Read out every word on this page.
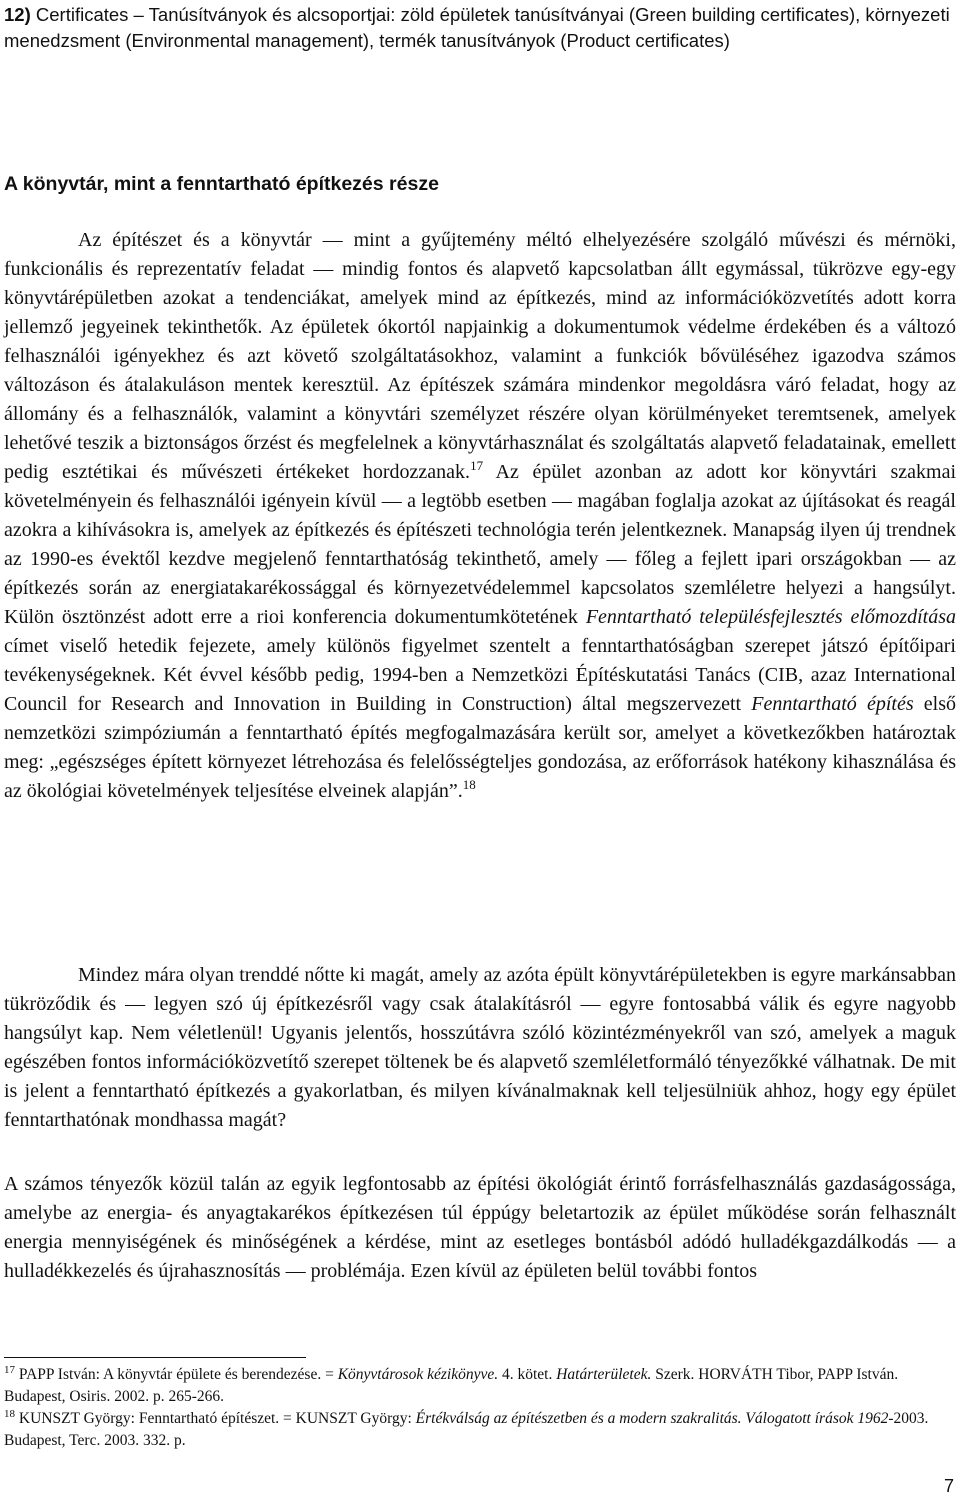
12) Certificates – Tanúsítványok és alcsoportjai: zöld épületek tanúsítványai (Green building certificates), környezeti menedzsment (Environmental management), termék tanusítványok (Product certificates)
A könyvtár, mint a fenntartható építkezés része

Az építészet és a könyvtár — mint a gyűjtemény méltó elhelyezésére szolgáló művészi és mérnöki, funkcionális és reprezentatív feladat — mindig fontos és alapvető kapcsolatban állt egymással, tükrözve egy-egy könyvtárépületben azokat a tendenciákat, amelyek mind az építkezés, mind az információközvetítés adott korra jellemző jegyeinek tekinthetők. Az épületek ókortól napjainkig a dokumentumok védelme érdekében és a változó felhasználói igényekhez és azt követő szolgáltatásokhoz, valamint a funkciók bővüléséhez igazodva számos változáson és átalakuláson mentek keresztül. Az építészek számára mindenkor megoldásra váró feladat, hogy az állomány és a felhasználók, valamint a könyvtári személyzet részére olyan körülményeket teremtsenek, amelyek lehetővé teszik a biztonságos őrzést és megfelelnek a könyvtárhasználat és szolgáltatás alapvető feladatainak, emellett pedig esztétikai és művészeti értékeket hordozzanak.$^{17}$ Az épület azonban az adott kor könyvtári szakmai követelményein és felhasználói igényein kívül — a legtöbb esetben — magában foglalja azokat az újításokat és reagál azokra a kihívásokra is, amelyek az építkezés és építészeti technológia terén jelentkeznek. Manapság ilyen új trendnek az 1990-es évektől kezdve megjelenő fenntarthatóság tekinthető, amely — főleg a fejlett ipari országokban — az építkezés során az energiatakarékossággal és környezetvédelemmel kapcsolatos szemléletre helyezi a hangsúlyt. Külön ösztönzést adott erre a rioi konferencia dokumentumkötetének Fenntartható településfejlesztés előmozdítása címet viselő hetedik fejezete, amely különös figyelmet szentelt a fenntarthatóságban szerepet játszó építőipari tevékenységeknek. Két évvel később pedig, 1994-ben a Nemzetközi Építéskutatási Tanács (CIB, azaz International Council for Research and Innovation in Building in Construction) által megszervezett Fenntartható építés első nemzetközi szimpóziumán a fenntartható építés megfogalmazására került sor, amelyet a következőkben határoztak meg: „egészséges épített környezet létrehozása és felelősségteljes gondozása, az erőforrások hatékony kihasználása és az ökológiai követelmények teljesítése elveinek alapján”.$^{18}$

Mindez mára olyan trenddé nőtte ki magát, amely az azóta épült könyvtárépületekben is egyre markánsabban tükröződik és — legyen szó új építkezésről vagy csak átalakításról — egyre fontosabbá válik és egyre nagyobb hangsúlyt kap. Nem véletlenül! Ugyanis jelentős, hosszútávra szóló közintézményekről van szó, amelyek a maguk egészében fontos információközvetítő szerepet töltenek be és alapvető szemléletformáló tényezőkké válhatnak. De mit is jelent a fenntartható építkezés a gyakorlatban, és milyen kívánalmaknak kell teljesülniük ahhoz, hogy egy épület fenntarthatónak mondhassa magát?

A számos tényezők közül talán az egyik legfontosabb az építési ökológiát érintő forrásfelhasználás gazdaságossága, amelybe az energia- és anyagtakarékos építkezésen túl éppúgy beletartozik az épület működése során felhasznált energia mennyiségének és minőségének a kérdése, mint az esetleges bontásból adódó hulladékgazdálkodás — a hulladékkezelés és újrahasznosítás — problémája. Ezen kívül az épületen belül további fontos

$^{17}$ PAPP István: A könyvtár épülete és berendezése. = Könyvtárosok kézikönyve. 4. kötet. Határterületek. Szerk. HORVÁTH Tibor, PAPP István. Budapest, Osiris. 2002. p. 265-266.
$^{18}$ KUNSZT György: Fenntartható építészet. = KUNSZT György: Értékválság az építészetben és a modern szakralitás. Válogatott írások 1962-2003. Budapest, Terc. 2003. 332. p.
7
